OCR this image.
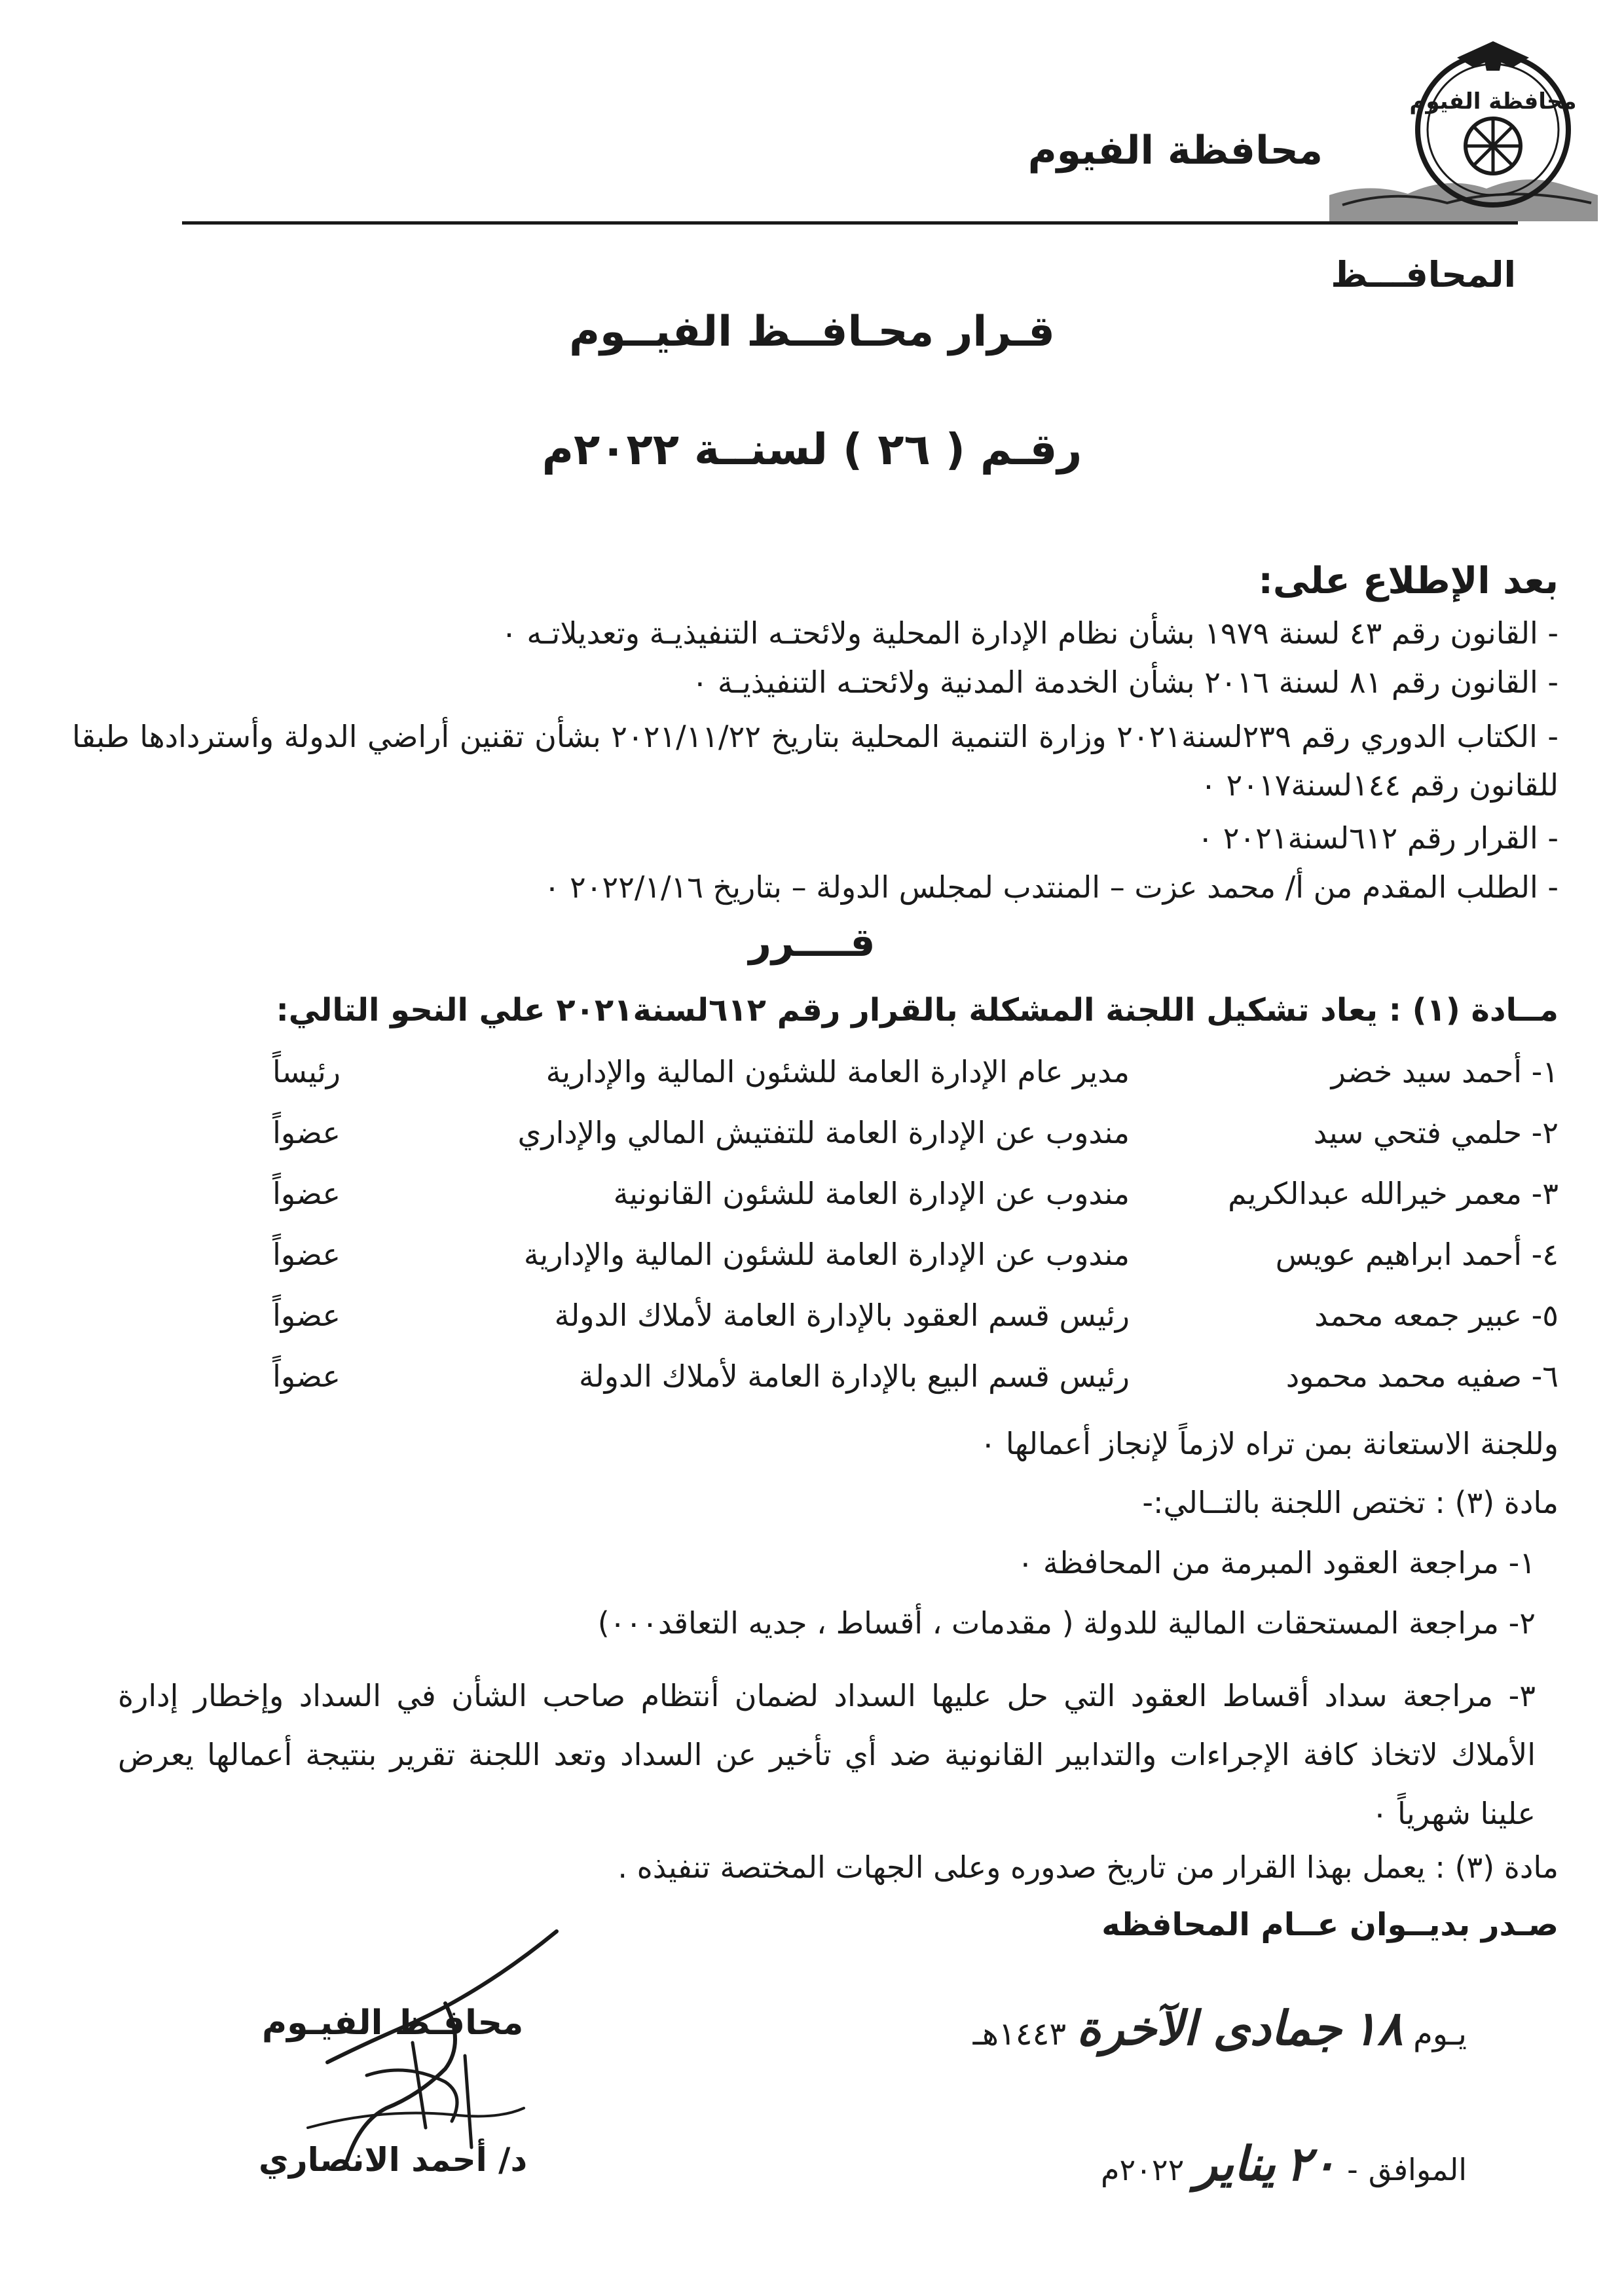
محافظة الفيوم
محافظة الفيوم
المحافـــظ
قـرار محـافــظ الفيــوم
رقـم ( ٢٦ ) لسنــة ٢٠٢٢م
بعد الإطلاع على:
- القانون رقم ٤٣ لسنة ١٩٧٩ بشأن نظام الإدارة المحلية ولائحتـه التنفيذيـة وتعديلاتـه ٠
- القانون رقم ٨١ لسنة ٢٠١٦ بشأن الخدمة المدنية ولائحتـه التنفيذيـة ٠
- الكتاب الدوري رقم ٢٣٩لسنة٢٠٢١ وزارة التنمية المحلية بتاريخ ٢٠٢١/١١/٢٢ بشأن تقنين أراضي الدولة وأستردادها طبقا للقانون رقم ١٤٤لسنة٢٠١٧ ٠
- القرار رقم ٦١٢لسنة٢٠٢١ ٠
- الطلب المقدم من أ/ محمد عزت – المنتدب لمجلس الدولة – بتاريخ ٢٠٢٢/١/١٦ ٠
قــــرر
مــادة (١) : يعاد تشكيل اللجنة المشكلة بالقرار رقم ٦١٢لسنة٢٠٢١ علي النحو التالي:
١- أحمد سيد خضر
مدير عام الإدارة العامة للشئون المالية والإدارية
رئيساً
٢- حلمي فتحي سيد
مندوب عن الإدارة العامة للتفتيش المالي والإداري
عضواً
٣- معمر خيرالله عبدالكريم
مندوب عن الإدارة العامة للشئون القانونية
عضواً
٤- أحمد ابراهيم عويس
مندوب عن الإدارة العامة للشئون المالية والإدارية
عضواً
٥- عبير جمعه محمد
رئيس قسم العقود بالإدارة العامة لأملاك الدولة
عضواً
٦- صفيه محمد محمود
رئيس قسم البيع بالإدارة العامة لأملاك الدولة
عضواً
وللجنة الاستعانة بمن تراه لازماً لإنجاز أعمالها ٠
مادة (٣) : تختص اللجنة بالتــالي:-
١- مراجعة العقود المبرمة من المحافظة ٠
٢- مراجعة المستحقات المالية للدولة ( مقدمات ، أقساط ، جديه التعاقد٠٠٠)
٣- مراجعة سداد أقساط العقود التي حل عليها السداد لضمان أنتظام صاحب الشأن في السداد وإخطار إدارة الأملاك لاتخاذ كافة الإجراءات والتدابير القانونية ضد أي تأخير عن السداد وتعد اللجنة تقرير بنتيجة أعمالها يعرض علينا شهرياً ٠
مادة (٣) : يعمل بهذا القرار من تاريخ صدوره وعلى الجهات المختصة تنفيذه .
صـدر بديــوان عــام المحافظه
يـوم
١٨
جمادى الآخرة
١٤٤٣هـ
الموافق
-
٢٠
يناير
٢٠٢٢م
محافـظ الفيـوم
د/ أحمد الانصاري
